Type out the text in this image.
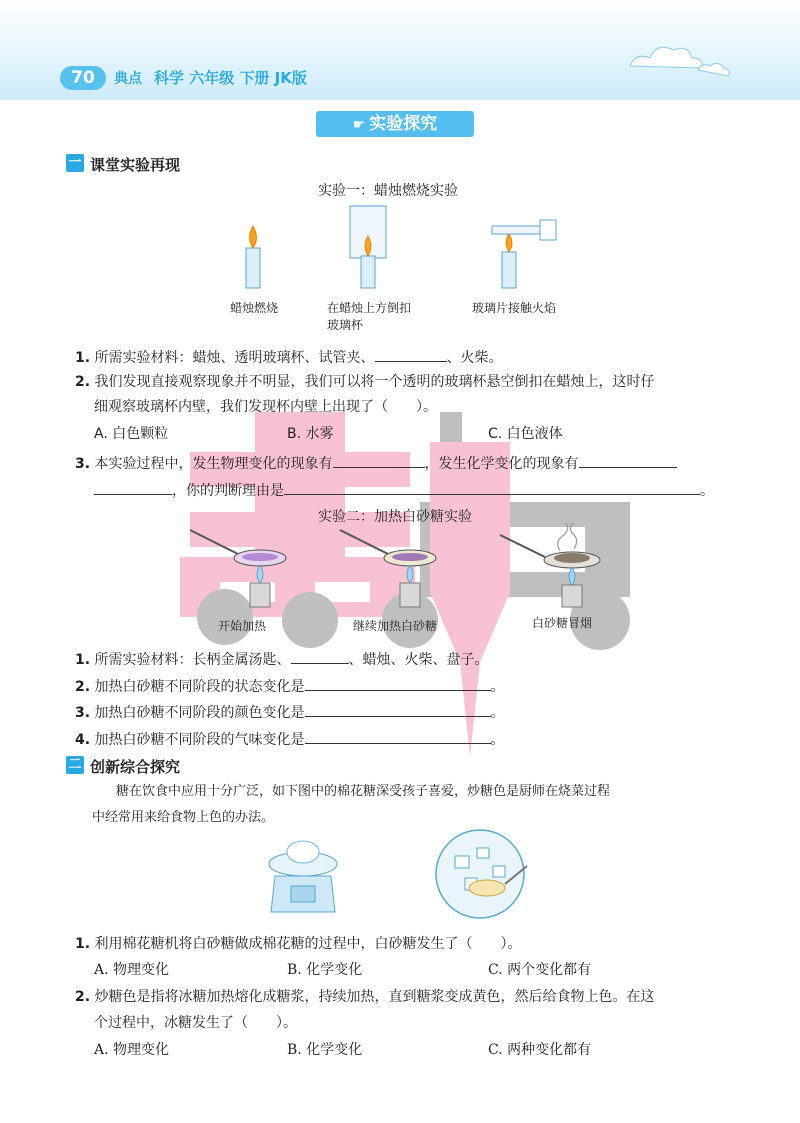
70	典点 科学 六年级 下册 JK版
☛ 实验探究
一 课堂实验再现
实验一：蜡烛燃烧实验
蜡烛燃烧	在蜡烛上方倒扣
玻璃杯
玻璃片接触火焰
1. 所需实验材料：蜡烛、透明玻璃杯、试管夹、	、火柴。
2. 我们发现直接观察现象并不明显，我们可以将一个透明的玻璃杯悬空倒扣在蜡烛上，这时仔
细观察玻璃杯内壁，我们发现杯内壁上出现了（　　）。
A. 白色颗粒	B. 水雾	C. 白色液体
3. 本实验过程中，发生物理变化的现象有	，发生化学变化的现象有
，你的判断理由是	。
实验二：加热白砂糖实验
开始加热	继续加热白砂糖	白砂糖冒烟
1. 所需实验材料：长柄金属汤匙、	、蜡烛、火柴、盘子。
2. 加热白砂糖不同阶段的状态变化是	。
3. 加热白砂糖不同阶段的颜色变化是	。
4. 加热白砂糖不同阶段的气味变化是	。
二 创新综合探究
糖在饮食中应用十分广泛，如下图中的棉花糖深受孩子喜爱，炒糖色是厨师在烧菜过程
中经常用来给食物上色的办法。
1. 利用棉花糖机将白砂糖做成棉花糖的过程中，白砂糖发生了（　　）。
A. 物理变化	B. 化学变化	C. 两个变化都有
2. 炒糖色是指将冰糖加热熔化成糖浆，持续加热，直到糖浆变成黄色，然后给食物上色。在这
个过程中，冰糖发生了（　　）。
A. 物理变化	B. 化学变化	C. 两种变化都有
